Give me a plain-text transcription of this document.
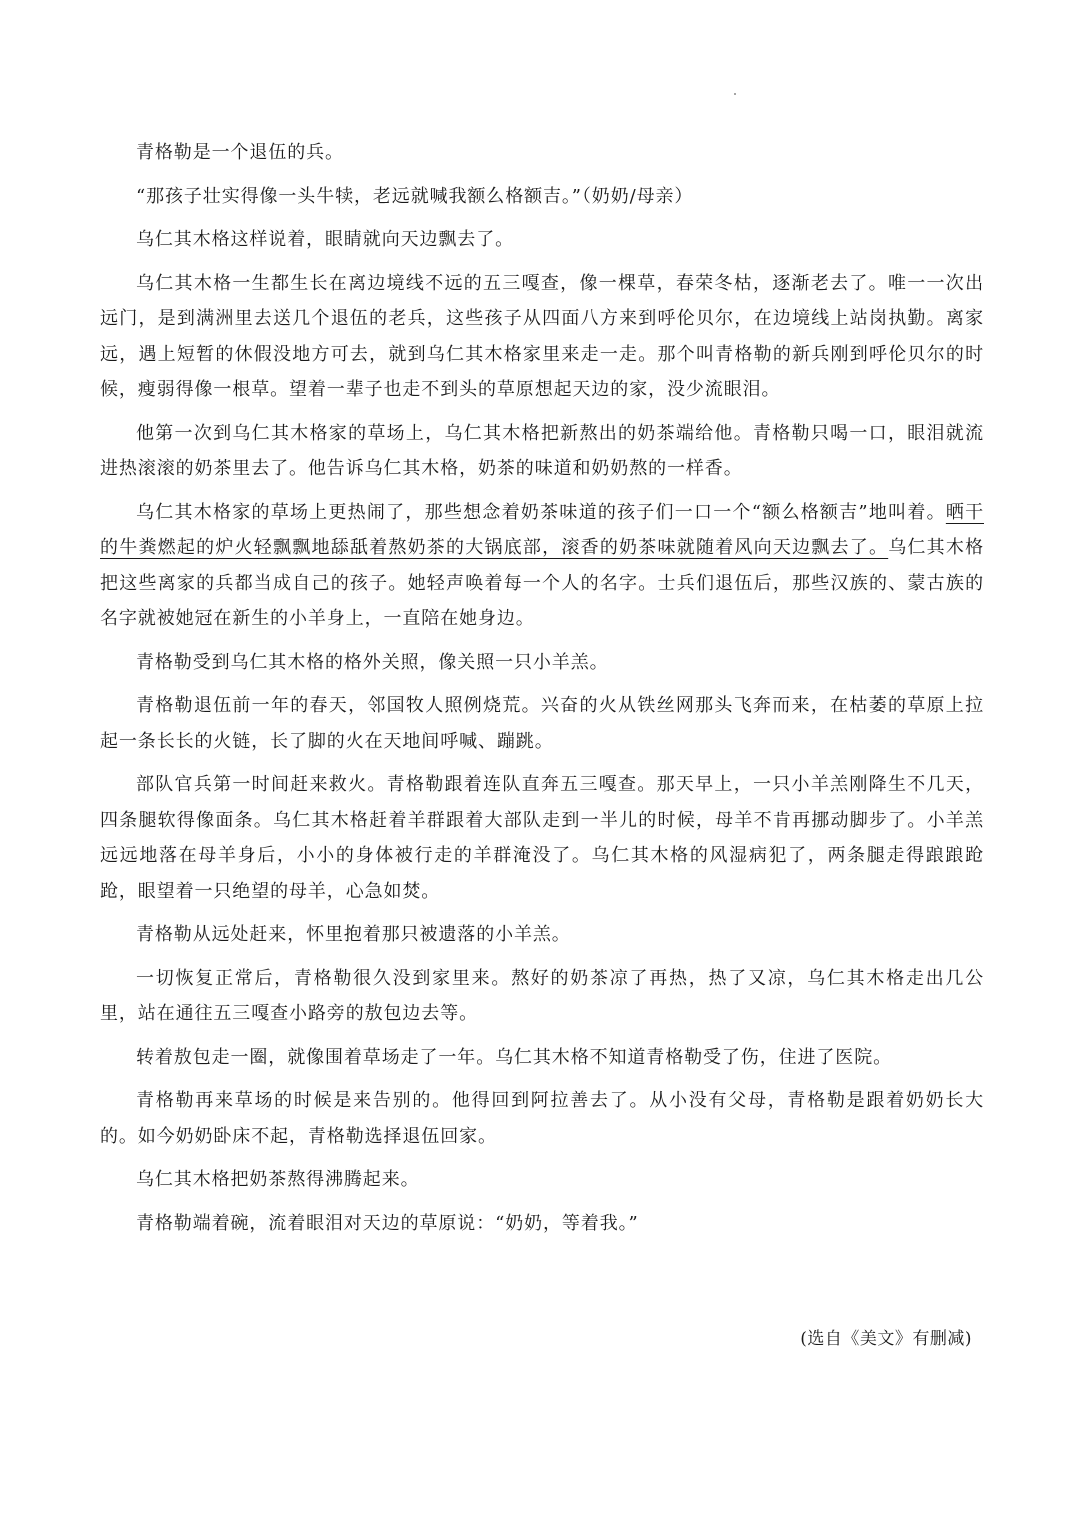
青格勒是一个退伍的兵。

“那孩子壮实得像一头牛犊，老远就喊我额么格额吉。”（奶奶/母亲）

乌仁其木格这样说着，眼睛就向天边飘去了。

乌仁其木格一生都生长在离边境线不远的五三嘎查，像一棵草，春荣冬枯，逐渐老去了。唯一一次出远门，是到满洲里去送几个退伍的老兵，这些孩子从四面八方来到呼伦贝尔，在边境线上站岗执勤。离家远，遇上短暂的休假没地方可去，就到乌仁其木格家里来走一走。那个叫青格勒的新兵刚到呼伦贝尔的时候，瘦弱得像一根草。望着一辈子也走不到头的草原想起天边的家，没少流眼泪。

他第一次到乌仁其木格家的草场上，乌仁其木格把新熬出的奶茶端给他。青格勒只喝一口，眼泪就流进热滚滚的奶茶里去了。他告诉乌仁其木格，奶茶的味道和奶奶熬的一样香。

乌仁其木格家的草场上更热闹了，那些想念着奶茶味道的孩子们一口一个“额么格额吉”地叫着。晒干的牛粪燃起的炉火轻飘飘地舔舐着熬奶茶的大锅底部，滚香的奶茶味就随着风向天边飘去了。乌仁其木格把这些离家的兵都当成自己的孩子。她轻声唤着每一个人的名字。士兵们退伍后，那些汉族的、蒙古族的名字就被她冠在新生的小羊身上，一直陪在她身边。

青格勒受到乌仁其木格的格外关照，像关照一只小羊羔。

青格勒退伍前一年的春天，邻国牧人照例烧荒。兴奋的火从铁丝网那头飞奔而来，在枯萎的草原上拉起一条长长的火链，长了脚的火在天地间呼喊、蹦跳。

部队官兵第一时间赶来救火。青格勒跟着连队直奔五三嘎查。那天早上，一只小羊羔刚降生不几天，四条腿软得像面条。乌仁其木格赶着羊群跟着大部队走到一半儿的时候，母羊不肯再挪动脚步了。小羊羔远远地落在母羊身后，小小的身体被行走的羊群淹没了。乌仁其木格的风湿病犯了，两条腿走得踉踉跄跄，眼望着一只绝望的母羊，心急如焚。

青格勒从远处赶来，怀里抱着那只被遗落的小羊羔。

一切恢复正常后，青格勒很久没到家里来。熬好的奶茶凉了再热，热了又凉，乌仁其木格走出几公里，站在通往五三嘎查小路旁的敖包边去等。

转着敖包走一圈，就像围着草场走了一年。乌仁其木格不知道青格勒受了伤，住进了医院。

青格勒再来草场的时候是来告别的。他得回到阿拉善去了。从小没有父母，青格勒是跟着奶奶长大的。如今奶奶卧床不起，青格勒选择退伍回家。

乌仁其木格把奶茶熬得沸腾起来。

青格勒端着碗，流着眼泪对天边的草原说：“奶奶，等着我。”

(选自《美文》有删减)
